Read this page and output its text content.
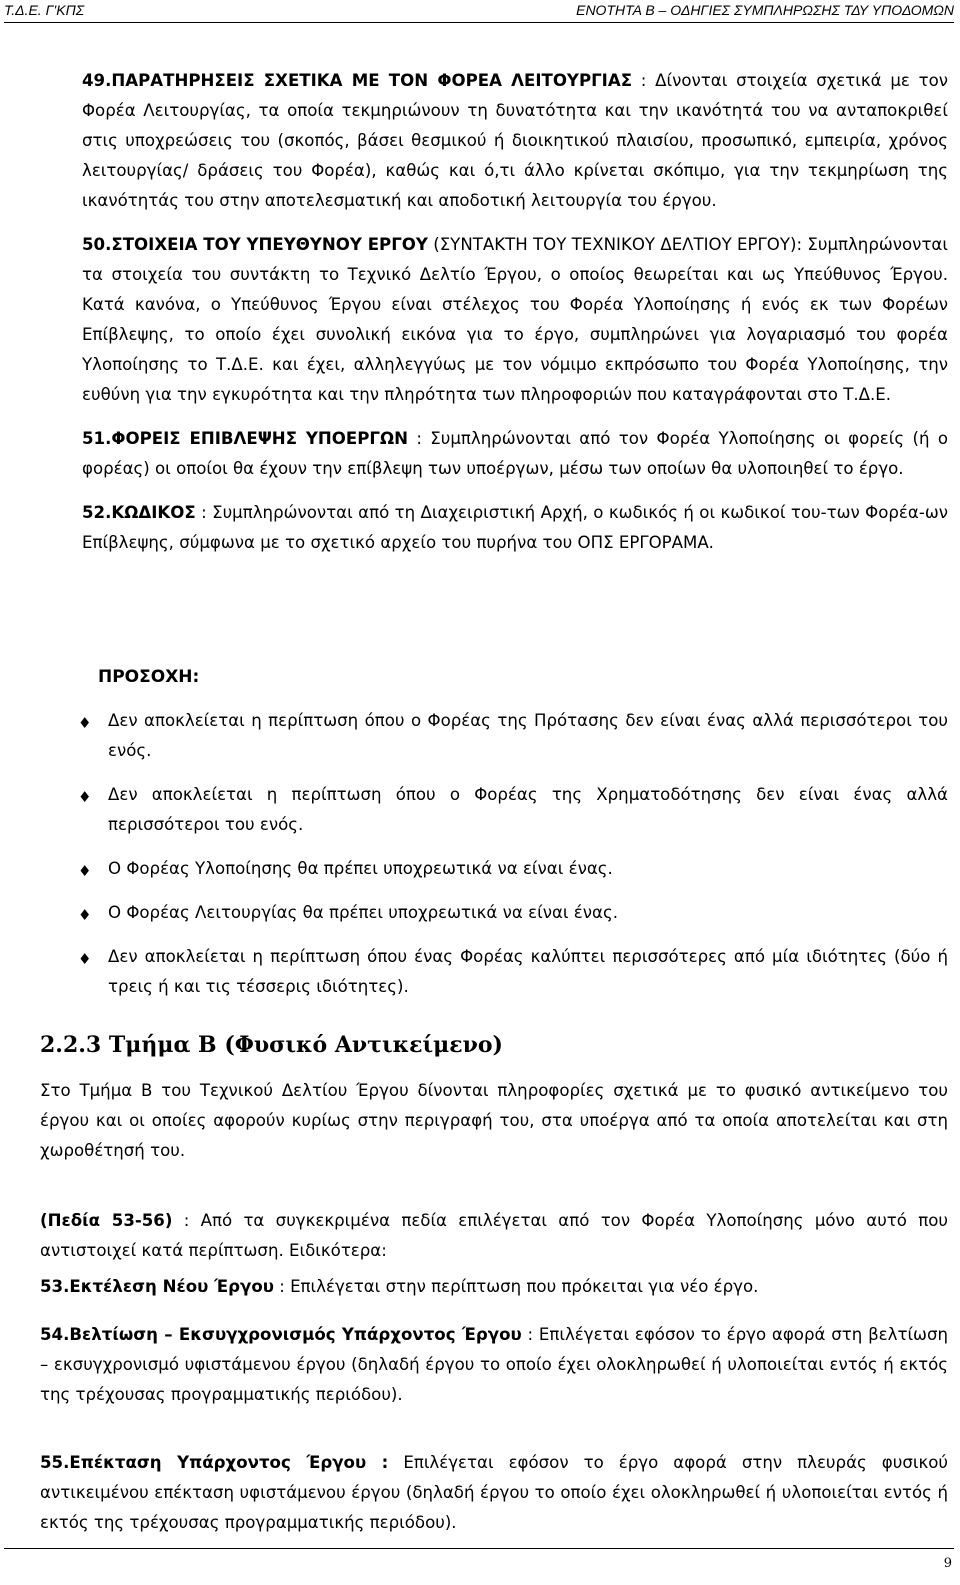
Τ.Δ.Ε. Γ'ΚΠΣ	ΕΝΟΤΗΤΑ Β – ΟΔΗΓΙΕΣ ΣΥΜΠΛΗΡΩΣΗΣ ΤΔΥ ΥΠΟΔΟΜΩΝ

49.ΠΑΡΑΤΗΡΗΣΕΙΣ ΣΧΕΤΙΚΑ ΜΕ ΤΟΝ ΦΟΡΕΑ ΛΕΙΤΟΥΡΓΙΑΣ : Δίνονται στοιχεία σχετικά με τον Φορέα Λειτουργίας, τα οποία τεκμηριώνουν τη δυνατότητα και την ικανότητά του να ανταποκριθεί στις υποχρεώσεις του (σκοπός, βάσει θεσμικού ή διοικητικού πλαισίου, προσωπικό, εμπειρία, χρόνος λειτουργίας/ δράσεις του Φορέα), καθώς και ό,τι άλλο κρίνεται σκόπιμο, για την τεκμηρίωση της ικανότητάς του στην αποτελεσματική και αποδοτική λειτουργία του έργου.

50.ΣΤΟΙΧΕΙΑ ΤΟΥ ΥΠΕΥΘΥΝΟΥ ΕΡΓΟΥ (ΣΥΝΤΑΚΤΗ ΤΟΥ ΤΕΧΝΙΚΟΥ ΔΕΛΤΙΟΥ ΕΡΓΟΥ): Συμπληρώνονται τα στοιχεία του συντάκτη το Τεχνικό Δελτίο Έργου, ο οποίος θεωρείται και ως Υπεύθυνος Έργου. Κατά κανόνα, ο Υπεύθυνος Έργου είναι στέλεχος του Φορέα Υλοποίησης ή ενός εκ των Φορέων Επίβλεψης, το οποίο έχει συνολική εικόνα για το έργο, συμπληρώνει για λογαριασμό του φορέα Υλοποίησης το Τ.Δ.Ε. και έχει, αλληλεγγύως με τον νόμιμο εκπρόσωπο του Φορέα Υλοποίησης, την ευθύνη για την εγκυρότητα και την πληρότητα των πληροφοριών που καταγράφονται στο Τ.Δ.Ε.

51.ΦΟΡΕΙΣ ΕΠΙΒΛΕΨΗΣ ΥΠΟΕΡΓΩΝ : Συμπληρώνονται από τον Φορέα Υλοποίησης οι φορείς (ή ο φορέας) οι οποίοι θα έχουν την επίβλεψη των υποέργων, μέσω των οποίων θα υλοποιηθεί το έργο.

52.ΚΩΔΙΚΟΣ : Συμπληρώνονται από τη Διαχειριστική Αρχή, ο κωδικός ή οι κωδικοί του-των Φορέα-ων Επίβλεψης, σύμφωνα με το σχετικό αρχείο του πυρήνα του ΟΠΣ ΕΡΓΟΡΑΜΑ.

ΠΡΟΣΟΧΗ:
♦ Δεν αποκλείεται η περίπτωση όπου ο Φορέας της Πρότασης δεν είναι ένας αλλά περισσότεροι του ενός.
♦ Δεν αποκλείεται η περίπτωση όπου ο Φορέας της Χρηματοδότησης δεν είναι ένας αλλά περισσότεροι του ενός.
♦ Ο Φορέας Υλοποίησης θα πρέπει υποχρεωτικά να είναι ένας.
♦ Ο Φορέας Λειτουργίας θα πρέπει υποχρεωτικά να είναι ένας.
♦ Δεν αποκλείεται η περίπτωση όπου ένας Φορέας καλύπτει περισσότερες από μία ιδιότητες (δύο ή τρεις ή και τις τέσσερις ιδιότητες).
2.2.3 Τμήμα Β (Φυσικό Αντικείμενο)
Στο Τμήμα Β του Τεχνικού Δελτίου Έργου δίνονται πληροφορίες σχετικά με το φυσικό αντικείμενο του έργου και οι οποίες αφορούν κυρίως στην περιγραφή του, στα υποέργα από τα οποία αποτελείται και στη χωροθέτησή του.
(Πεδία 53-56) : Από τα συγκεκριμένα πεδία επιλέγεται από τον Φορέα Υλοποίησης μόνο αυτό που αντιστοιχεί κατά περίπτωση. Ειδικότερα:
53.Εκτέλεση Νέου Έργου : Επιλέγεται στην περίπτωση που πρόκειται για νέο έργο.
54.Βελτίωση – Εκσυγχρονισμός Υπάρχοντος Έργου : Επιλέγεται εφόσον το έργο αφορά στη βελτίωση – εκσυγχρονισμό υφιστάμενου έργου (δηλαδή έργου το οποίο έχει ολοκληρωθεί ή υλοποιείται εντός ή εκτός της τρέχουσας προγραμματικής περιόδου).
55.Επέκταση Υπάρχοντος Έργου : Επιλέγεται εφόσον το έργο αφορά στην πλευράς φυσικού αντικειμένου επέκταση υφιστάμενου έργου (δηλαδή έργου το οποίο έχει ολοκληρωθεί ή υλοποιείται εντός ή εκτός της τρέχουσας προγραμματικής περιόδου).
9
